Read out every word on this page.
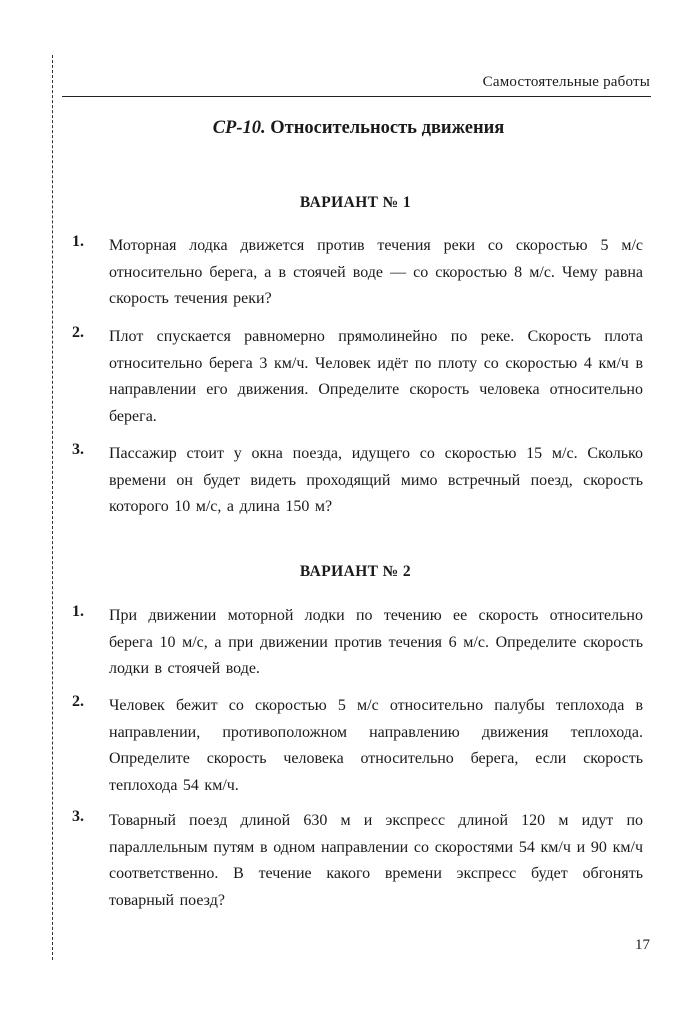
Самостоятельные работы
СР-10. Относительность движения
ВАРИАНТ № 1
1. Моторная лодка движется против течения реки со скоростью 5 м/с относительно берега, а в стоячей воде — со скоростью 8 м/с. Чему равна скорость течения реки?
2. Плот спускается равномерно прямолинейно по реке. Скорость плота относительно берега 3 км/ч. Человек идёт по плоту со скоростью 4 км/ч в направлении его движения. Определите скорость человека относительно берега.
3. Пассажир стоит у окна поезда, идущего со скоростью 15 м/с. Сколько времени он будет видеть проходящий мимо встречный поезд, скорость которого 10 м/с, а длина 150 м?
ВАРИАНТ № 2
1. При движении моторной лодки по течению ее скорость относительно берега 10 м/с, а при движении против течения 6 м/с. Определите скорость лодки в стоячей воде.
2. Человек бежит со скоростью 5 м/с относительно палубы теплохода в направлении, противоположном направлению движения теплохода. Определите скорость человека относительно берега, если скорость теплохода 54 км/ч.
3. Товарный поезд длиной 630 м и экспресс длиной 120 м идут по параллельным путям в одном направлении со скоростями 54 км/ч и 90 км/ч соответственно. В течение какого времени экспресс будет обгонять товарный поезд?
17
